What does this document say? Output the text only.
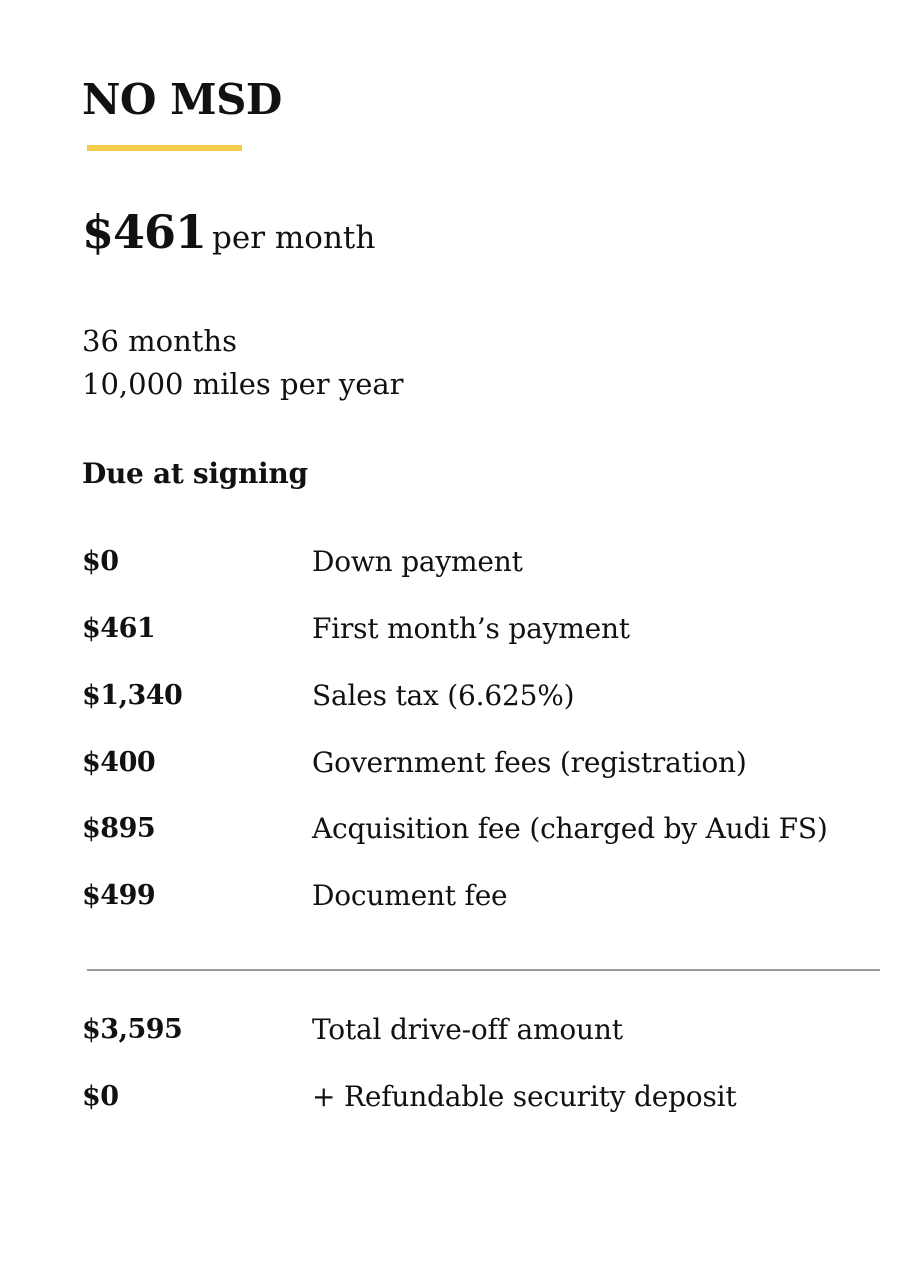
NO MSD
$461 per month
36 months
10,000 miles per year
Due at signing
$0	Down payment
$461	First month’s payment
$1,340	Sales tax (6.625%)
$400	Government fees (registration)
$895	Acquisition fee (charged by Audi FS)
$499	Document fee
$3,595	Total drive-off amount
$0	+ Refundable security deposit
